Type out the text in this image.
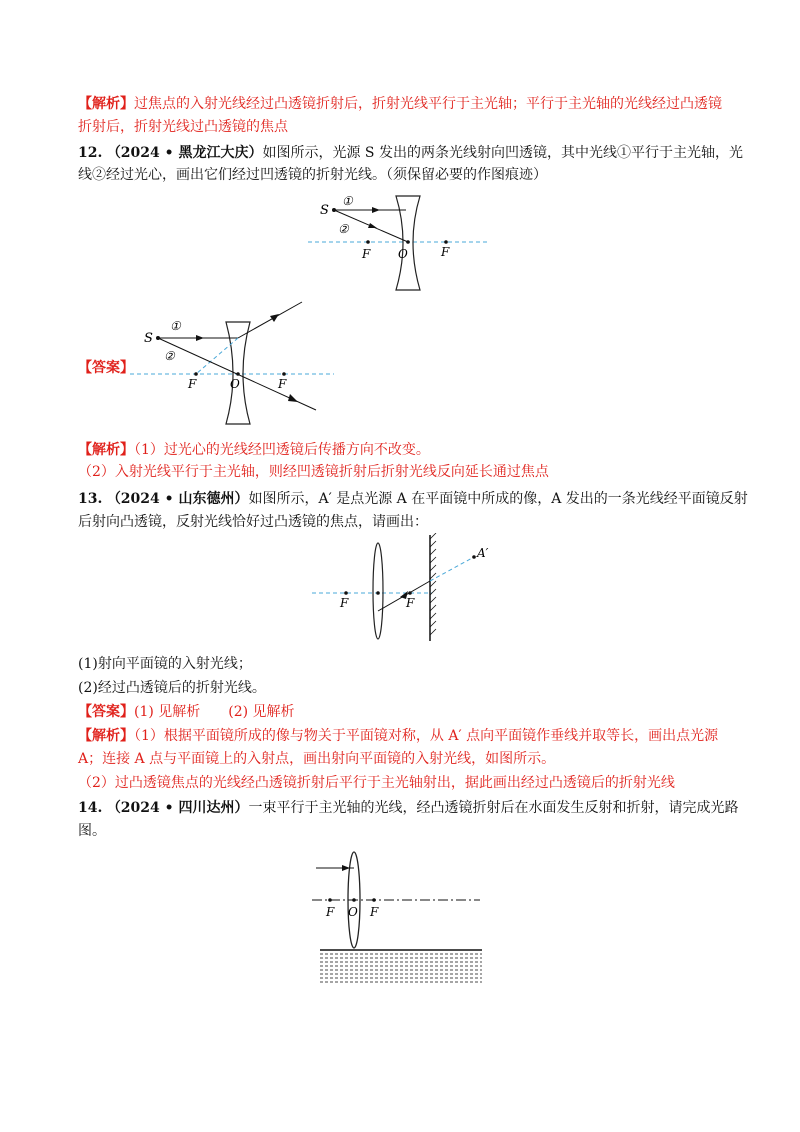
【解析】过焦点的入射光线经过凸透镜折射后，折射光线平行于主光轴；平行于主光轴的光线经过凸透镜
折射后，折射光线过凸透镜的焦点
12. （2024 • 黑龙江大庆）如图所示，光源 S 发出的两条光线射向凹透镜，其中光线①平行于主光轴，光
线②经过光心，画出它们经过凹透镜的折射光线。（须保留必要的作图痕迹）
S
①
②
F O	F
【答案】
S
①
②
F	O	F
【解析】（1）过光心的光线经凹透镜后传播方向不改变。
（2）入射光线平行于主光轴，则经凹透镜折射后折射光线反向延长通过焦点
13. （2024 • 山东德州）如图所示，A′ 是点光源 A 在平面镜中所成的像，A 发出的一条光线经平面镜反射
后射向凸透镜，反射光线恰好过凸透镜的焦点，请画出：
F	F
A′
(1)射向平面镜的入射光线；
(2)经过凸透镜后的折射光线。
【答案】(1) 见解析　　(2) 见解析
【解析】（1）根据平面镜所成的像与物关于平面镜对称，从 A′ 点向平面镜作垂线并取等长，画出点光源
A；连接 A 点与平面镜上的入射点，画出射向平面镜的入射光线，如图所示。
（2）过凸透镜焦点的光线经凸透镜折射后平行于主光轴射出，据此画出经过凸透镜后的折射光线
14. （2024 • 四川达州）一束平行于主光轴的光线，经凸透镜折射后在水面发生反射和折射，请完成光路
图。
F O F
